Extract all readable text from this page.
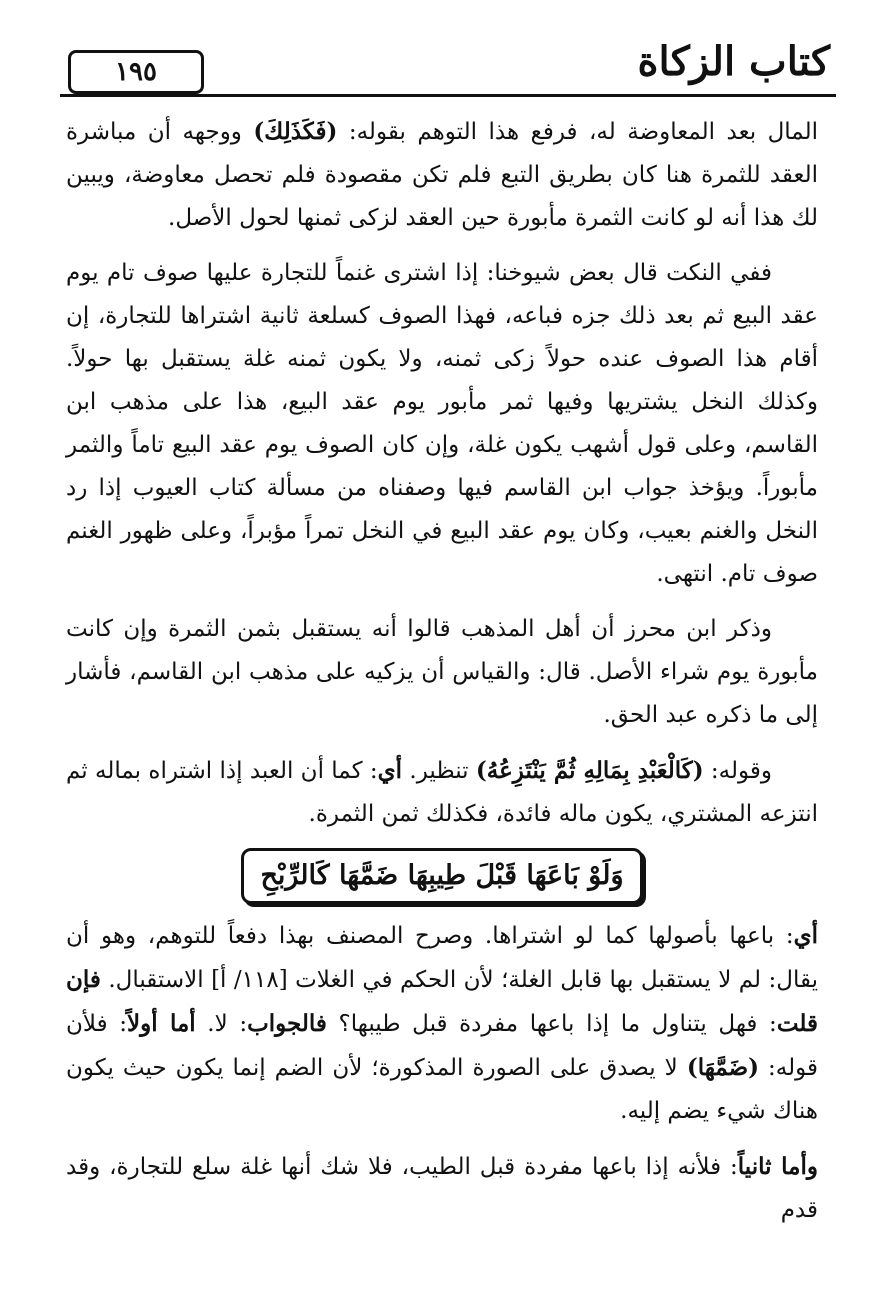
١٩٥	كتاب الزكاة

المال بعد المعاوضة له، فرفع هذا التوهم بقوله: (فَكَذَلِكَ) ووجهه أن مباشرة العقد للثمرة هنا كان بطريق التبع فلم تكن مقصودة فلم تحصل معاوضة، ويبين لك هذا أنه لو كانت الثمرة مأبورة حين العقد لزكى ثمنها لحول الأصل.

ففي النكت قال بعض شيوخنا: إذا اشترى غنماً للتجارة عليها صوف تام يوم عقد البيع ثم بعد ذلك جزه فباعه، فهذا الصوف كسلعة ثانية اشتراها للتجارة، إن أقام هذا الصوف عنده حولاً زكى ثمنه، ولا يكون ثمنه غلة يستقبل بها حولاً. وكذلك النخل يشتريها وفيها ثمر مأبور يوم عقد البيع، هذا على مذهب ابن القاسم، وعلى قول أشهب يكون غلة، وإن كان الصوف يوم عقد البيع تاماً والثمر مأبوراً. ويؤخذ جواب ابن القاسم فيها وصفناه من مسألة كتاب العيوب إذا رد النخل والغنم بعيب، وكان يوم عقد البيع في النخل تمراً مؤبراً، وعلى ظهور الغنم صوف تام. انتهى.

وذكر ابن محرز أن أهل المذهب قالوا أنه يستقبل بثمن الثمرة وإن كانت مأبورة يوم شراء الأصل. قال: والقياس أن يزكيه على مذهب ابن القاسم، فأشار إلى ما ذكره عبد الحق.

وقوله: (كَالْعَبْدِ بِمَالِهِ ثُمَّ يَنْتَزِعُهُ) تنظير. أي: كما أن العبد إذا اشتراه بماله ثم انتزعه المشتري، يكون ماله فائدة، فكذلك ثمن الثمرة.

وَلَوْ بَاعَهَا قَبْلَ طِيبِهَا ضَمَّهَا كَالرِّبْحِ

أي: باعها بأصولها كما لو اشتراها. وصرح المصنف بهذا دفعاً للتوهم، وهو أن يقال: لم لا يستقبل بها قابل الغلة؛ لأن الحكم في الغلات [١١٨/ أ] الاستقبال. فإن قلت: فهل يتناول ما إذا باعها مفردة قبل طيبها؟ فالجواب: لا. أما أولاً: فلأن قوله: (ضَمَّهَا) لا يصدق على الصورة المذكورة؛ لأن الضم إنما يكون حيث يكون هناك شيء يضم إليه.

وأما ثانياً: فلأنه إذا باعها مفردة قبل الطيب، فلا شك أنها غلة سلع للتجارة، وقد قدم
